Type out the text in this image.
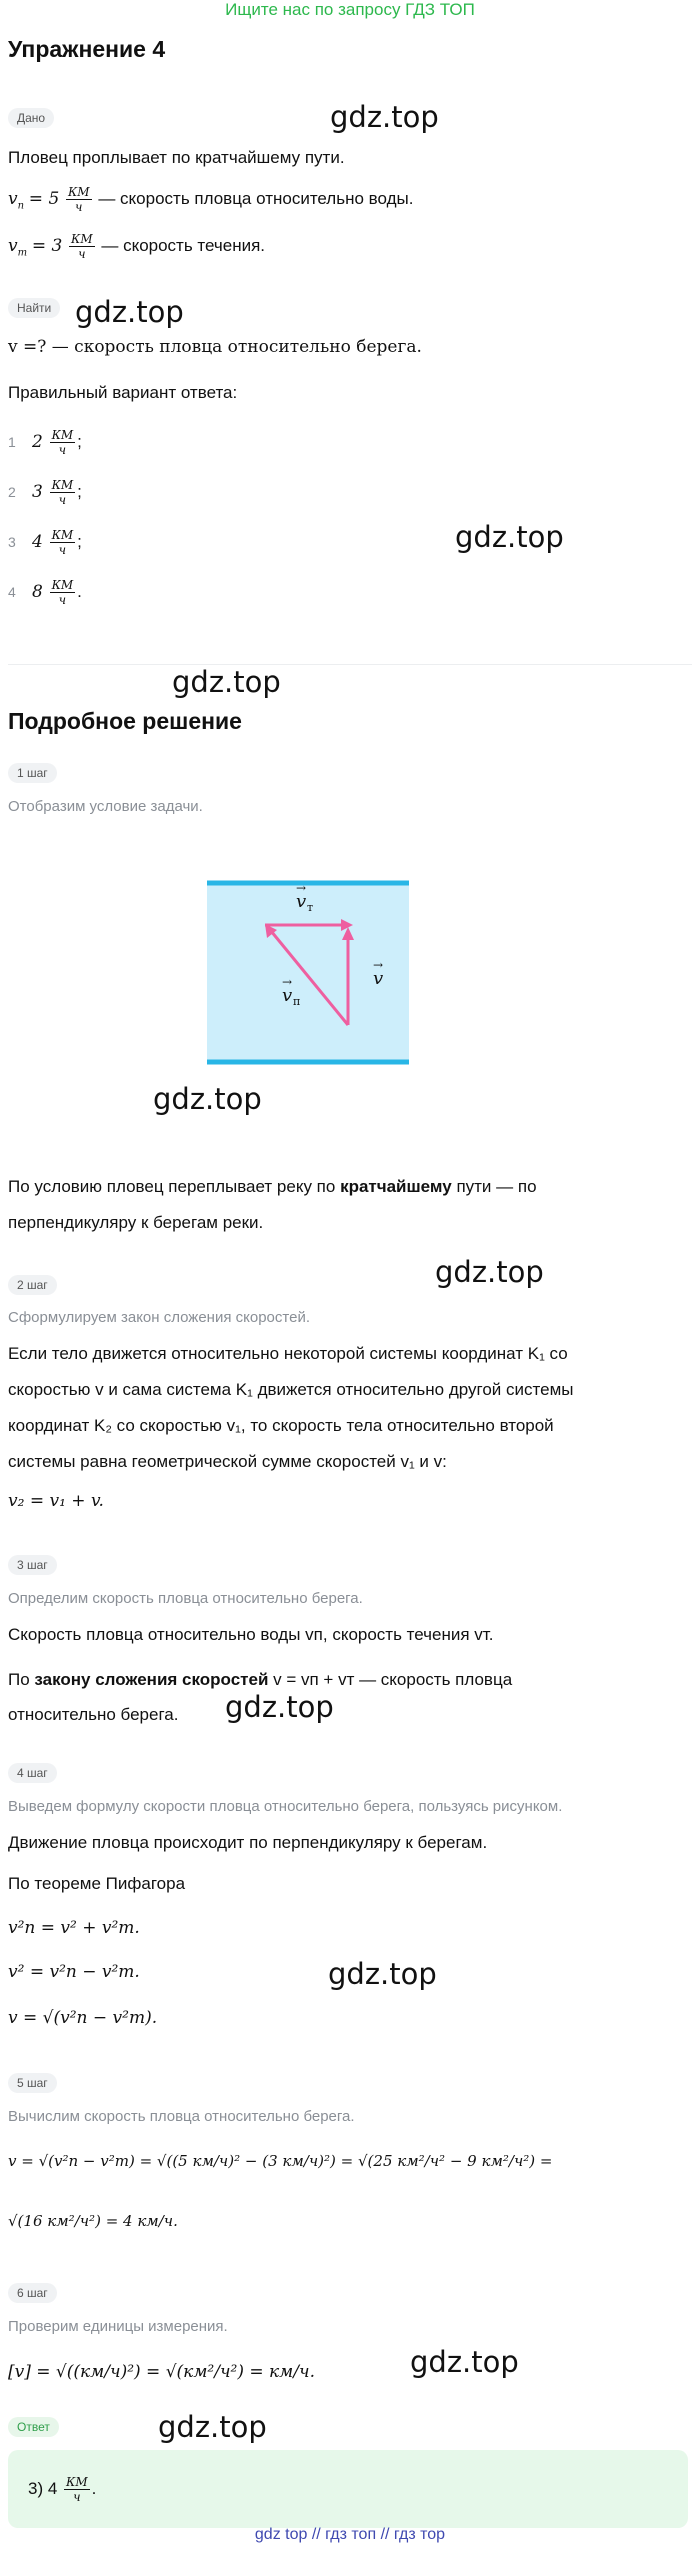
Ищите нас по запросу ГДЗ ТОП
Упражнение 4
gdz.top
gdz.top
gdz.top
gdz.top
gdz.top
gdz.top
gdz.top
gdz.top
gdz.top
gdz.top
Дано
Пловец проплывает по кратчайшему пути.
$v_п = 5 \frac{КМ}{ч}$ — скорость пловца относительно воды.
$v_т = 3 \frac{КМ}{ч}$ — скорость течения.
Найти
v =? — скорость пловца относительно берега.
Правильный вариант ответа:
1 $2 \frac{КМ}{ч}$ ;
2 $3 \frac{КМ}{ч}$ ;
3 $4 \frac{КМ}{ч}$ ;
4 $8 \frac{КМ}{ч}$ .
Подробное решение
1 шаг
Отобразим условие задачи.
→
v т
→
v п
→
v
По условию пловец переплывает реку по кратчайшему пути — по
перпендикуляру к берегам реки.
2 шаг
Сформулируем закон сложения скоростей.
Если тело движется относительно некоторой системы координат K₁ со
скоростью v и сама система K₁ движется относительно другой системы
координат K₂ со скоростью v₁, то скорость тела относительно второй
системы равна геометрической сумме скоростей v₁ и v:
v₂ = v₁ + v.
3 шаг
Определим скорость пловца относительно берега.
Скорость пловца относительно воды vп, скорость течения vт.
По закону сложения скоростей v = vп + vт — скорость пловца
относительно берега.
4 шаг
Выведем формулу скорости пловца относительно берега, пользуясь рисунком.
Движение пловца происходит по перпендикуляру к берегам.
По теореме Пифагора
v²п = v² + v²т.
v² = v²п − v²т.
v = √(v²п − v²т).
5 шаг
Вычислим скорость пловца относительно берега.
v = √(v²п − v²т) = √((5 км/ч)² − (3 км/ч)²) = √(25 км²/ч² − 9 км²/ч²) =
√(16 км²/ч²) = 4 км/ч.
6 шаг
Проверим единицы измерения.
[v] = √((км/ч)²) = √(км²/ч²) = км/ч.
Ответ
3) $4 \frac{КМ}{ч}$ .
gdz top // гдз топ // гдз тор
